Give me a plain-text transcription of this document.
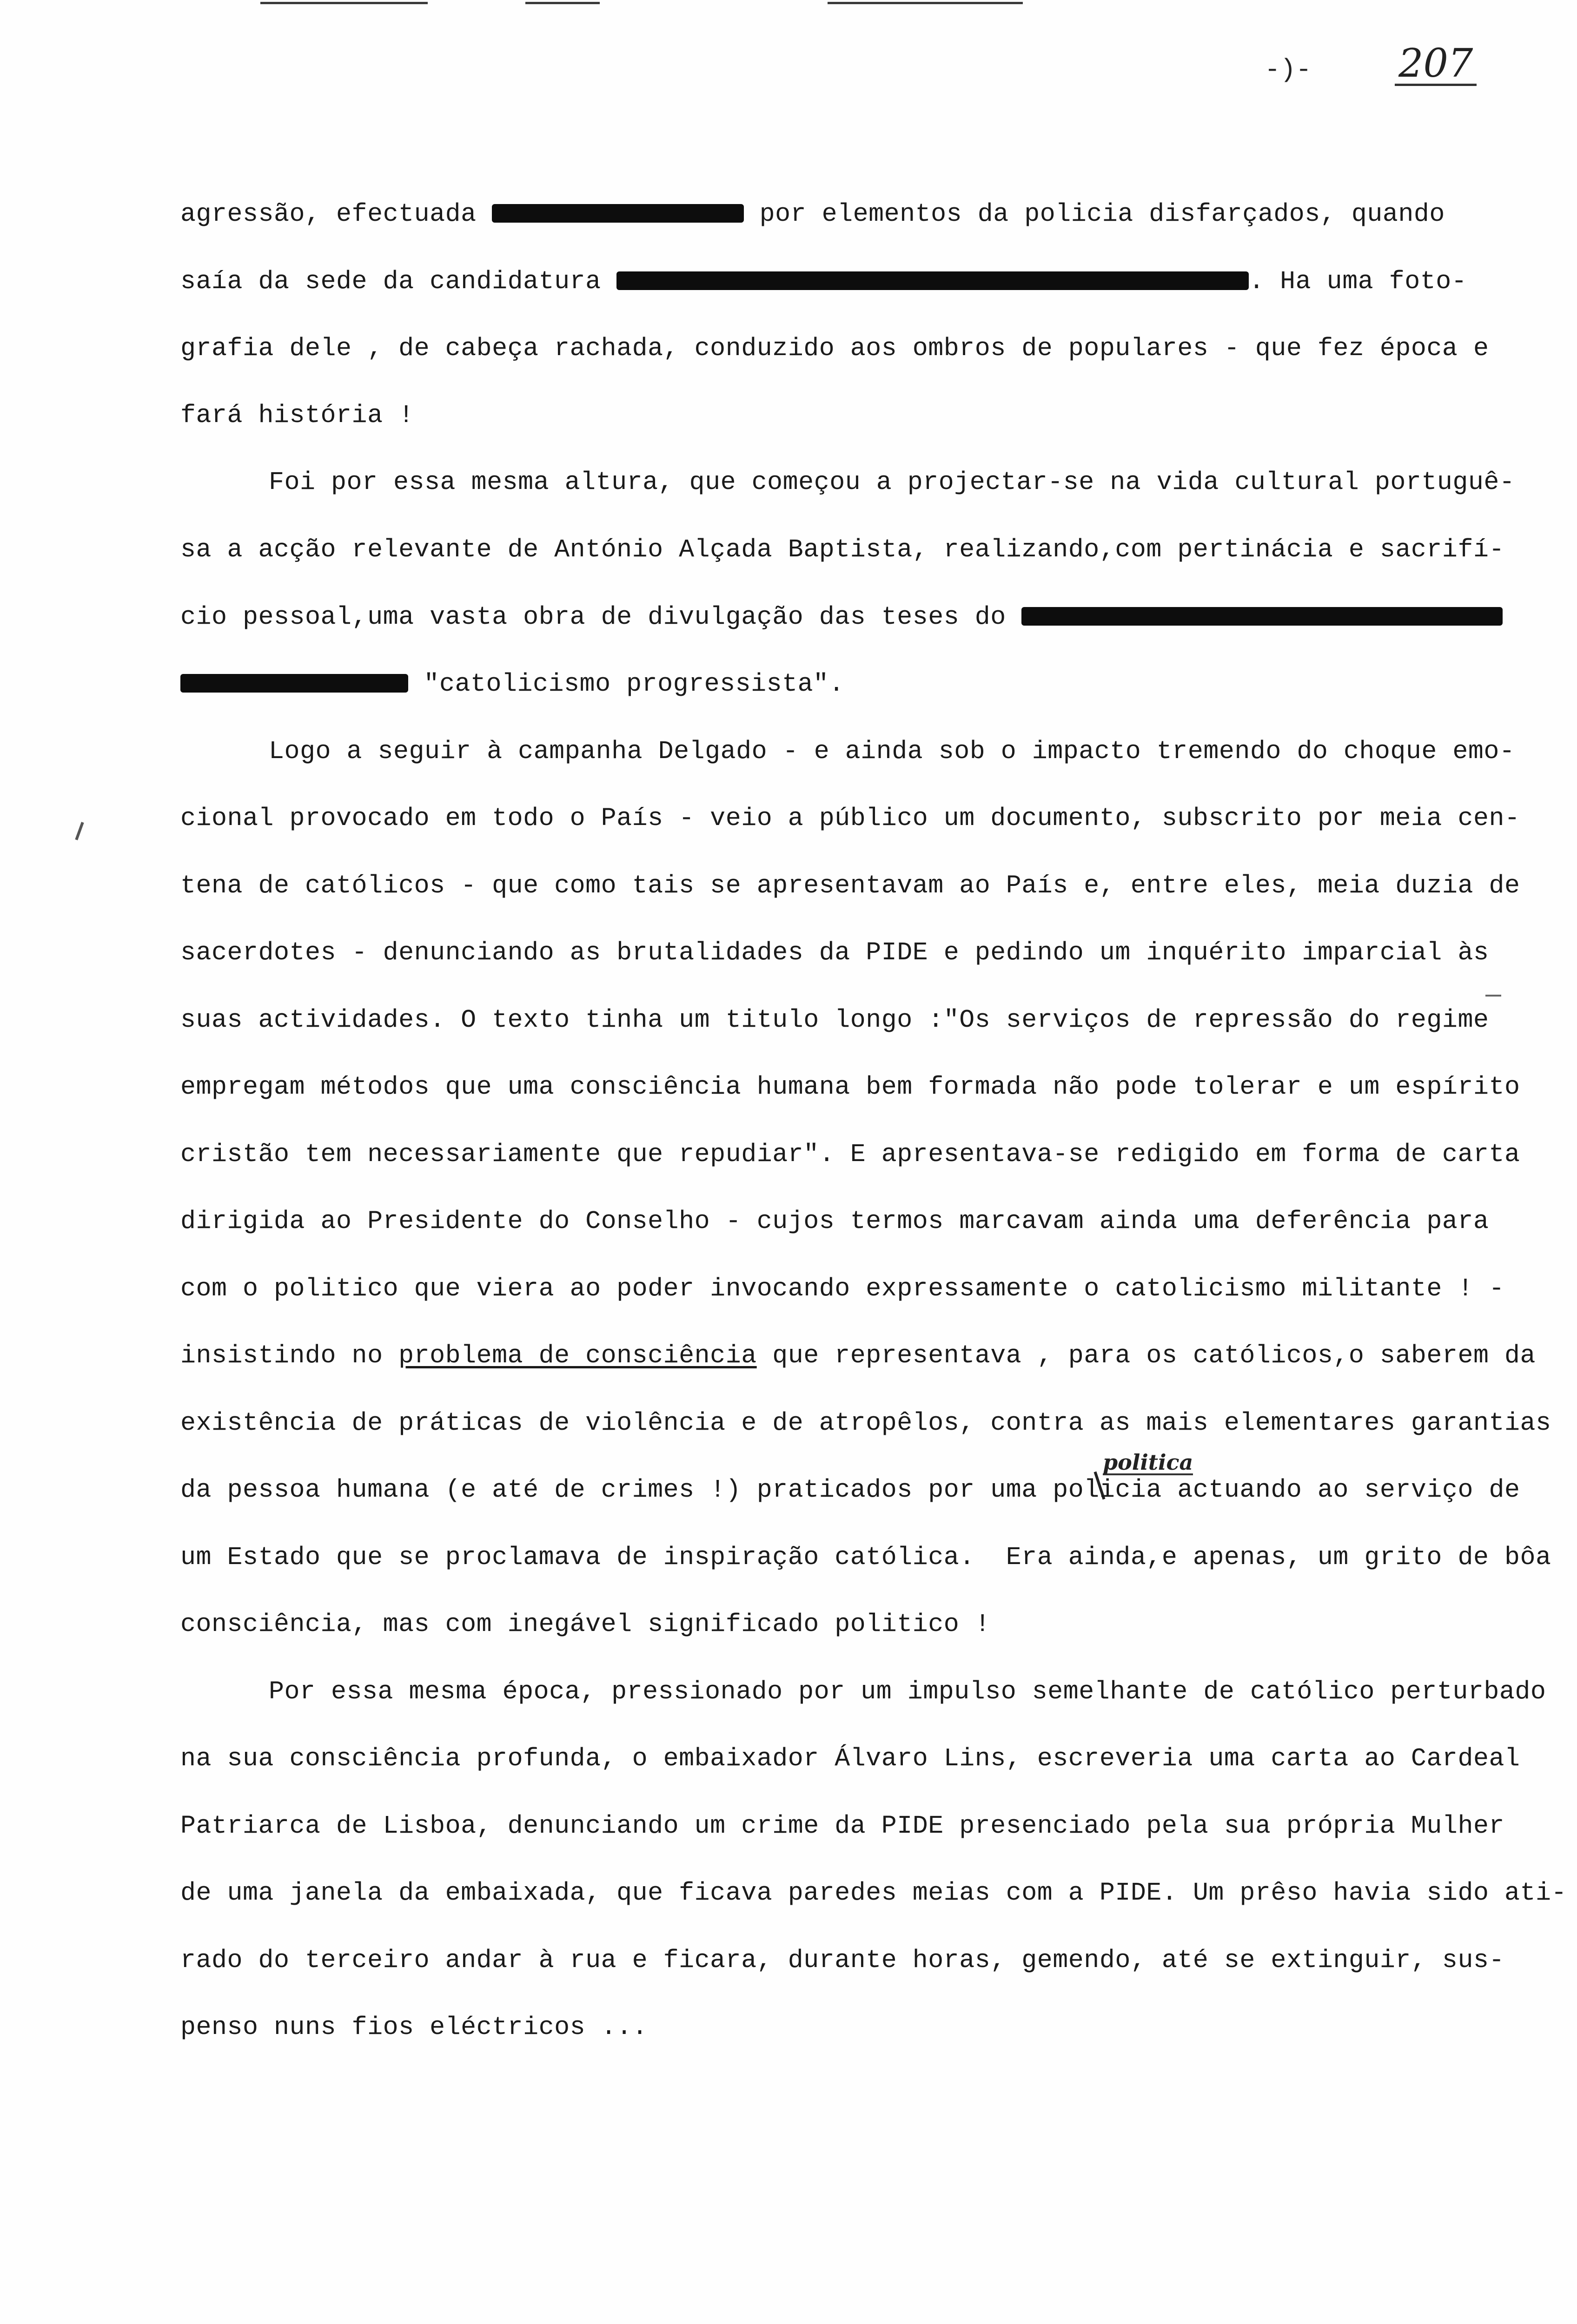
-)- 207
agressão, efectuada	por elementos da policia disfarçados, quando
saía da sede da candidatura	. Ha uma foto-
grafia dele , de cabeça rachada, conduzido aos ombros de populares - que fez época e
fará história !
Foi por essa mesma altura, que começou a projectar-se na vida cultural portuguê-
sa a acção relevante de António Alçada Baptista, realizando,com pertinácia e sacrifí-
cio pessoal,uma vasta obra de divulgação das teses do
"catolicismo progressista".
Logo a seguir à campanha Delgado - e ainda sob o impacto tremendo do choque emo-
cional provocado em todo o País - veio a público um documento, subscrito por meia cen-
tena de católicos - que como tais se apresentavam ao País e, entre eles, meia duzia de
sacerdotes - denunciando as brutalidades da PIDE e pedindo um inquérito imparcial às
suas actividades. O texto tinha um titulo longo :"Os serviços de repressão do regime
empregam métodos que uma consciência humana bem formada não pode tolerar e um espírito
cristão tem necessariamente que repudiar". E apresentava-se redigido em forma de carta
dirigida ao Presidente do Conselho - cujos termos marcavam ainda uma deferência para
com o politico que viera ao poder invocando expressamente o catolicismo militante ! -
insistindo no problema de consciência que representava , para os católicos,o saberem da
existência de práticas de violência e de atropêlos, contra as mais elementares garantias
politica
da pessoa humana (e até de crimes !) praticados por uma policia actuando ao serviço de
um Estado que se proclamava de inspiração católica.  Era ainda,e apenas, um grito de bôa
consciência, mas com inegável significado politico !
Por essa mesma época, pressionado por um impulso semelhante de católico perturbado
na sua consciência profunda, o embaixador Álvaro Lins, escreveria uma carta ao Cardeal
Patriarca de Lisboa, denunciando um crime da PIDE presenciado pela sua própria Mulher
de uma janela da embaixada, que ficava paredes meias com a PIDE. Um prêso havia sido ati-
rado do terceiro andar à rua e ficara, durante horas, gemendo, até se extinguir, sus-
penso nuns fios eléctricos ...
